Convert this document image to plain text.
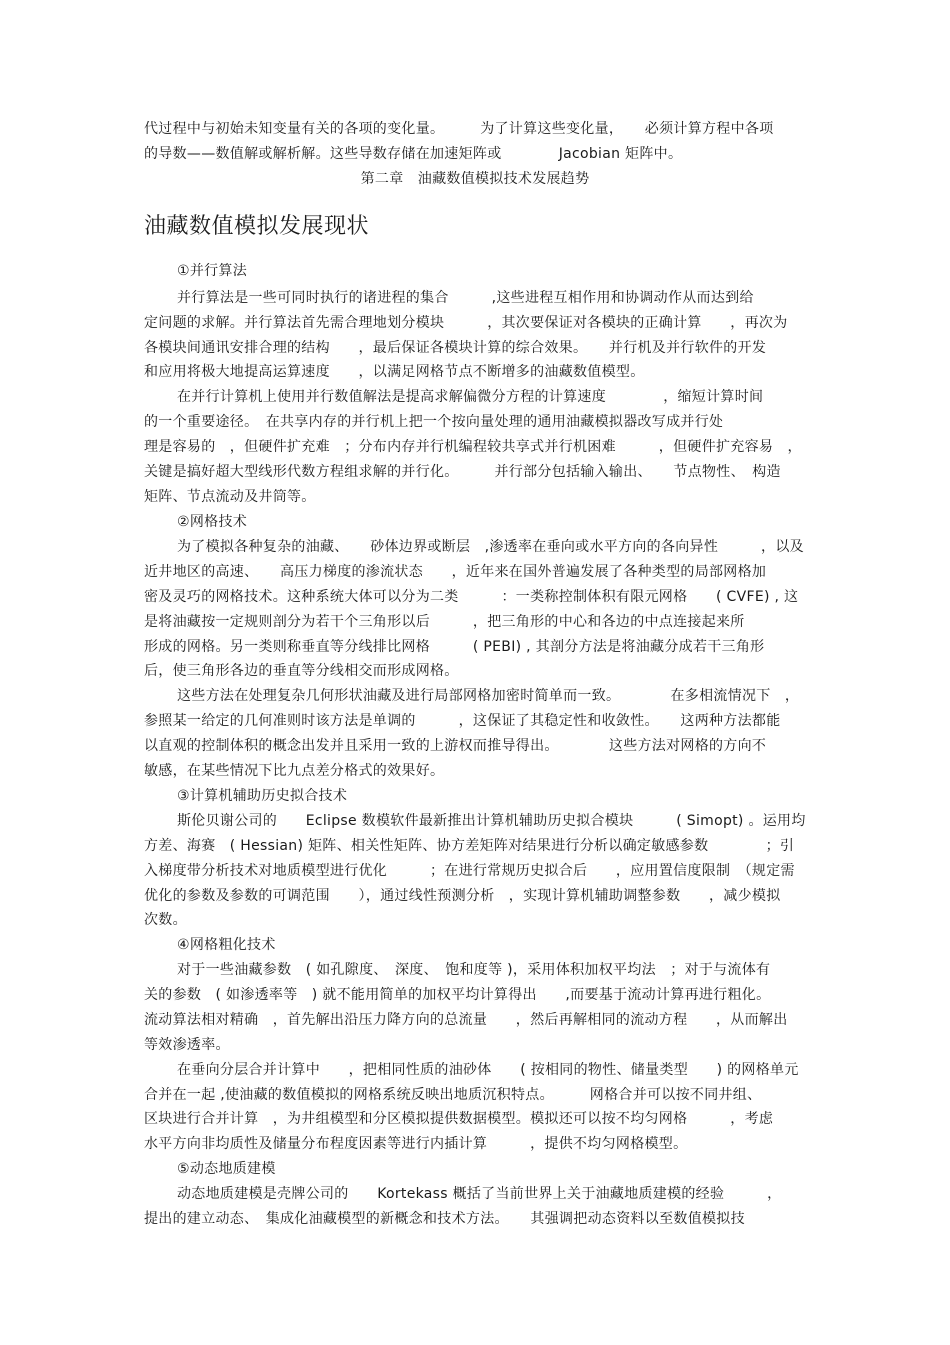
代过程中与初始未知变量有关的各项的变化量。　　　为了计算这些变化量，　　必须计算方程中各项
的导数——数值解或解析解。这些导数存储在加速矩阵或　　　　Jacobian 矩阵中。
第二章　油藏数值模拟技术发展趋势
油藏数值模拟发展现状
①并行算法
并行算法是一些可同时执行的诸进程的集合　　　,这些进程互相作用和协调动作从而达到给
定问题的求解。并行算法首先需合理地划分模块　　　，其次要保证对各模块的正确计算　　，再次为
各模块间通讯安排合理的结构　　，最后保证各模块计算的综合效果。　　并行机及并行软件的开发
和应用将极大地提高运算速度　　，以满足网格节点不断增多的油藏数值模型。
在并行计算机上使用并行数值解法是提高求解偏微分方程的计算速度　　　　，缩短计算时间
的一个重要途径。　在共享内存的并行机上把一个按向量处理的通用油藏模拟器改写成并行处
理是容易的　，但硬件扩充难　；分布内存并行机编程较共享式并行机困难　　　，但硬件扩充容易　，
关键是搞好超大型线形代数方程组求解的并行化。　　　并行部分包括输入输出、　　节点物性、　构造
矩阵、节点流动及井筒等。
②网格技术
为了模拟各种复杂的油藏、　　砂体边界或断层　,渗透率在垂向或水平方向的各向异性　　　，以及
近井地区的高速、　　高压力梯度的渗流状态　　，近年来在国外普遍发展了各种类型的局部网格加
密及灵巧的网格技术。这种系统大体可以分为二类　　　：一类称控制体积有限元网格　　( CVFE) , 这
是将油藏按一定规则剖分为若干个三角形以后　　　，把三角形的中心和各边的中点连接起来所
形成的网格。另一类则称垂直等分线排比网格　　　( PEBI) , 其剖分方法是将油藏分成若干三角形
后，使三角形各边的垂直等分线相交而形成网格。
这些方法在处理复杂几何形状油藏及进行局部网格加密时简单而一致。　　　　在多相流情况下　，
参照某一给定的几何准则时该方法是单调的　　　，这保证了其稳定性和收敛性。　　这两种方法都能
以直观的控制体积的概念出发并且采用一致的上游权而推导得出。　　　　这些方法对网格的方向不
敏感，在某些情况下比九点差分格式的效果好。
③计算机辅助历史拟合技术
斯伦贝谢公司的　　Eclipse 数模软件最新推出计算机辅助历史拟合模块　　　( Simopt) 。运用均
方差、海赛　( Hessian) 矩阵、相关性矩阵、协方差矩阵对结果进行分析以确定敏感参数　　　　；引
入梯度带分析技术对地质模型进行优化　　　；在进行常规历史拟合后　　，应用置信度限制　（规定需
优化的参数及参数的可调范围　　），通过线性预测分析　，实现计算机辅助调整参数　　，减少模拟
次数。
④网格粗化技术
对于一些油藏参数　( 如孔隙度、　深度、　饱和度等 )，采用体积加权平均法　；对于与流体有
关的参数　( 如渗透率等　) 就不能用简单的加权平均计算得出　　,而要基于流动计算再进行粗化。
流动算法相对精确　，首先解出沿压力降方向的总流量　　，然后再解相同的流动方程　　，从而解出
等效渗透率。
在垂向分层合并计算中　　，把相同性质的油砂体　　( 按相同的物性、储量类型　　) 的网格单元
合并在一起 ,使油藏的数值模拟的网格系统反映出地质沉积特点。　　　网格合并可以按不同井组、
区块进行合并计算　，为井组模型和分区模拟提供数据模型。模拟还可以按不均匀网格　　　，考虑
水平方向非均质性及储量分布程度因素等进行内插计算　　　，提供不均匀网格模型。
⑤动态地质建模
动态地质建模是壳牌公司的　　Kortekass 概括了当前世界上关于油藏地质建模的经验　　　，
提出的建立动态、　集成化油藏模型的新概念和技术方法。　　其强调把动态资料以至数值模拟技
